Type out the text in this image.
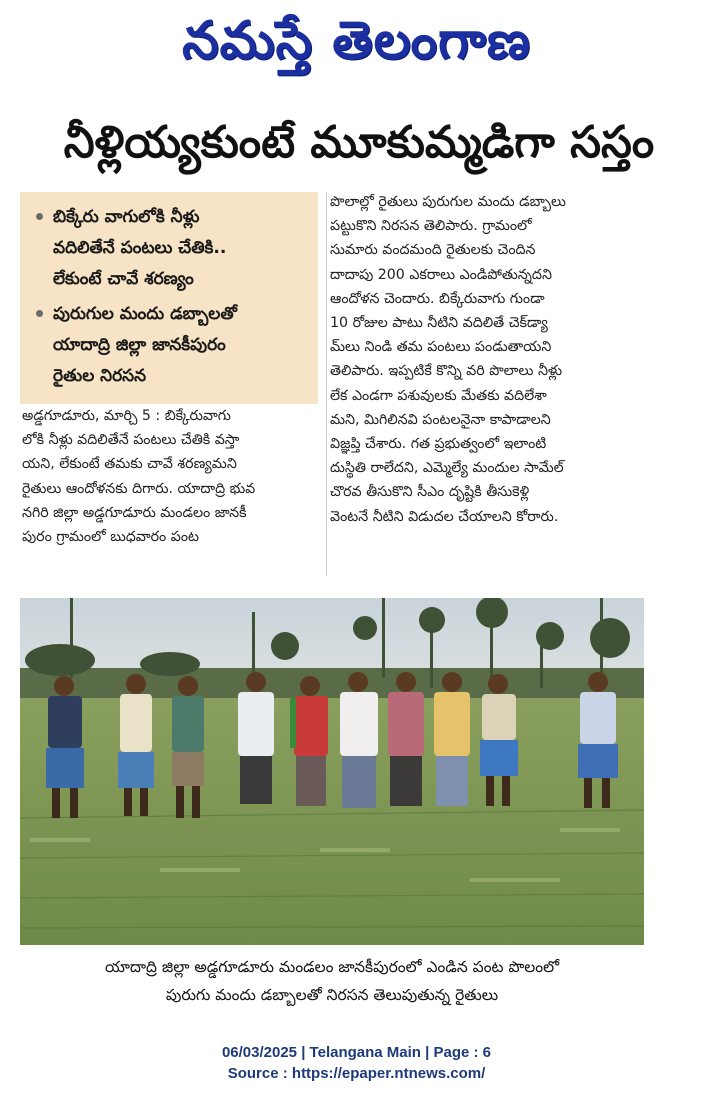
నమస్తే తెలంగాణ
నీళ్లియ్యకుంటే మూకుమ్మడిగా సస్తం
బిక్కేరు వాగులోకి నీళ్లు
వదిలితేనే పంటలు చేతికి..
లేకుంటే చావే శరణ్యం
పురుగుల మందు డబ్బాలతో
యాదాద్రి జిల్లా జానకీపురం
రైతుల నిరసన
అడ్డగూడూరు, మార్చి 5 : బిక్కేరువాగు
లోకి నీళ్లు వదిలితేనే పంటలు చేతికి వస్తా
యని, లేకుంటే తమకు చావే శరణ్యమని
రైతులు ఆందోళనకు దిగారు. యాదాద్రి భువ
నగిరి జిల్లా అడ్డగూడూరు మండలం జానకీ
పురం గ్రామంలో బుధవారం పంట
పొలాల్లో రైతులు పురుగుల మందు డబ్బాలు
పట్టుకొని నిరసన తెలిపారు. గ్రామంలో
సుమారు వందమంది రైతులకు చెందిన
దాదాపు 200 ఎకరాలు ఎండిపోతున్నదని
ఆందోళన చెందారు. బిక్కేరువాగు గుండా
10 రోజుల పాటు నీటిని వదిలితే చెక్‌డ్యా
మ్‌లు నిండి తమ పంటలు పండుతాయని
తెలిపారు. ఇప్పటికే కొన్ని వరి పొలాలు నీళ్లు
లేక ఎండగా పశువులకు మేతకు వదిలేశా
మని, మిగిలినవి పంటలనైనా కాపాడాలని
విజ్ఞప్తి చేశారు. గత ప్రభుత్వంలో ఇలాంటి
దుస్థితి రాలేదని, ఎమ్మెల్యే మందుల సామేల్
చొరవ తీసుకొని సీఎం దృష్టికి తీసుకెళ్లి
వెంటనే నీటిని విడుదల చేయాలని కోరారు.
యాదాద్రి జిల్లా అడ్డగూడూరు మండలం జానకీపురంలో ఎండిన పంట పొలంలో
పురుగు మందు డబ్బాలతో నిరసన తెలుపుతున్న రైతులు
06/03/2025 | Telangana Main | Page : 6
Source : https://epaper.ntnews.com/
